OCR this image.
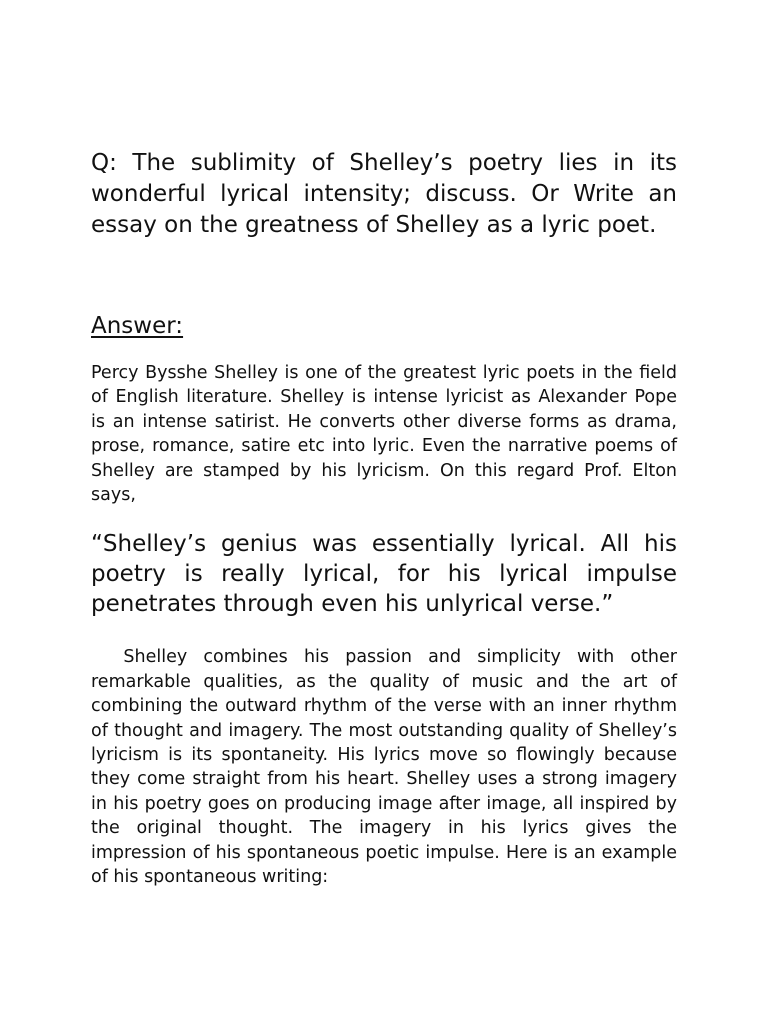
Q: The sublimity of Shelley’s poetry lies in its wonderful lyrical intensity; discuss. Or Write an essay on the greatness of Shelley as a lyric poet.

Answer:

Percy Bysshe Shelley is one of the greatest lyric poets in the field of English literature. Shelley is intense lyricist as Alexander Pope is an intense satirist. He converts other diverse forms as drama, prose, romance, satire etc into lyric. Even the narrative poems of Shelley are stamped by his lyricism. On this regard Prof. Elton says,

“Shelley’s genius was essentially lyrical. All his poetry is really lyrical, for his lyrical impulse penetrates through even his unlyrical verse.”

Shelley combines his passion and simplicity with other remarkable qualities, as the quality of music and the art of combining the outward rhythm of the verse with an inner rhythm of thought and imagery. The most outstanding quality of Shelley’s lyricism is its spontaneity. His lyrics move so flowingly because they come straight from his heart. Shelley uses a strong imagery in his poetry goes on producing image after image, all inspired by the original thought. The imagery in his lyrics gives the impression of his spontaneous poetic impulse. Here is an example of his spontaneous writing:
